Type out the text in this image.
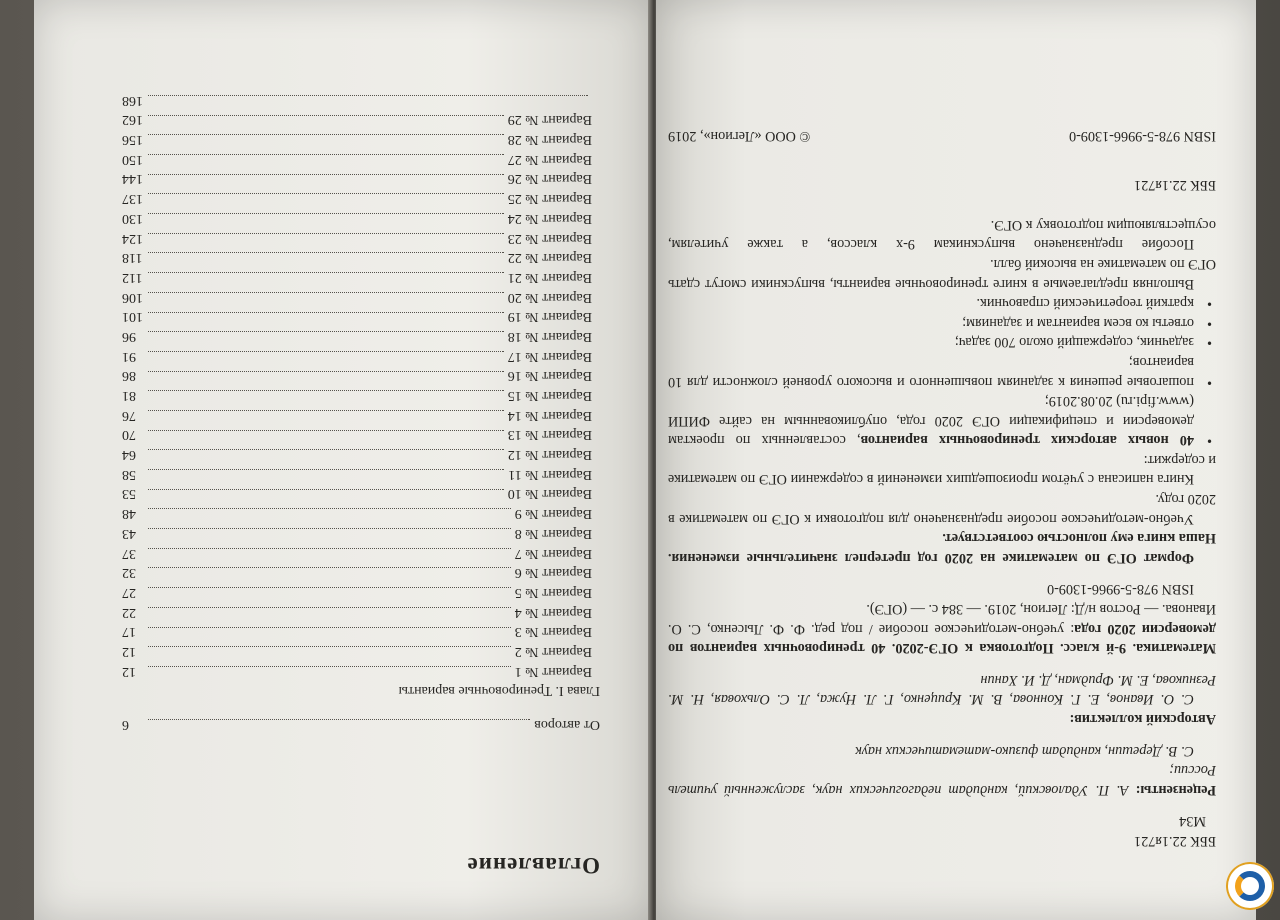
Оглавление
От авторов
6
Глава I. Тренировочные варианты
Вариант № 1
12
Вариант № 2
12
Вариант № 3
17
Вариант № 4
22
Вариант № 5
27
Вариант № 6
32
Вариант № 7
37
Вариант № 8
43
Вариант № 9
48
Вариант № 10
53
Вариант № 11
58
Вариант № 12
64
Вариант № 13
70
Вариант № 14
76
Вариант № 15
81
Вариант № 16
86
Вариант № 17
91
Вариант № 18
96
Вариант № 19
101
Вариант № 20
106
Вариант № 21
112
Вариант № 22
118
Вариант № 23
124
Вариант № 24
130
Вариант № 25
137
Вариант № 26
144
Вариант № 27
150
Вариант № 28
156
Вариант № 29
162
168

ББК 22.1я721

М34

Рецензенты: А. П. Удаловский, кандидат педагогических наук, заслуженный учитель России;

С. В. Дерешин, кандидат физико-математических наук

Авторский коллектив:

С. О. Иванов, Е. Г. Коннова, В. М. Криценко, Г. Л. Нужа, Л. С. Ольховая, Н. М. Резникова, Е. М. Фридман, Д. И. Ханин

Математика. 9-й класс. Подготовка к ОГЭ-2020. 40 тренировочных вариантов по демоверсии 2020 года: учебно-методическое пособие / под ред. Ф. Ф. Лысенко, С. О. Иванова. — Ростов н/Д: Легион, 2019. — 384 с. — (ОГЭ).

ISBN 978-5-9966-1309-0

Формат ОГЭ по математике на 2020 год претерпел значительные изменения. Наша книга ему полностью соответствует.

Учебно-методическое пособие предназначено для подготовки к ОГЭ по математике в 2020 году.

Книга написана с учётом произошедших изменений в содержании ОГЭ по математике и содержит:

• 40 новых авторских тренировочных вариантов, составленных по проектам демоверсии и спецификации ОГЭ 2020 года, опубликованным на сайте ФИПИ (www.fipi.ru) 20.08.2019;

• пошаговые решения к заданиям повышенного и высокого уровней сложности для 10 вариантов;

• задачник, содержащий около 700 задач;

• ответы ко всем вариантам и заданиям;

• краткий теоретический справочник.

Выполняя предлагаемые в книге тренировочные варианты, выпускники смогут сдать ОГЭ по математике на высокий балл.

Пособие предназначено выпускникам 9-х классов, а также учителям, осуществляющим подготовку к ОГЭ.

ББК 22.1я721

ISBN 978-5-9966-1309-0
© ООО «Легион», 2019
